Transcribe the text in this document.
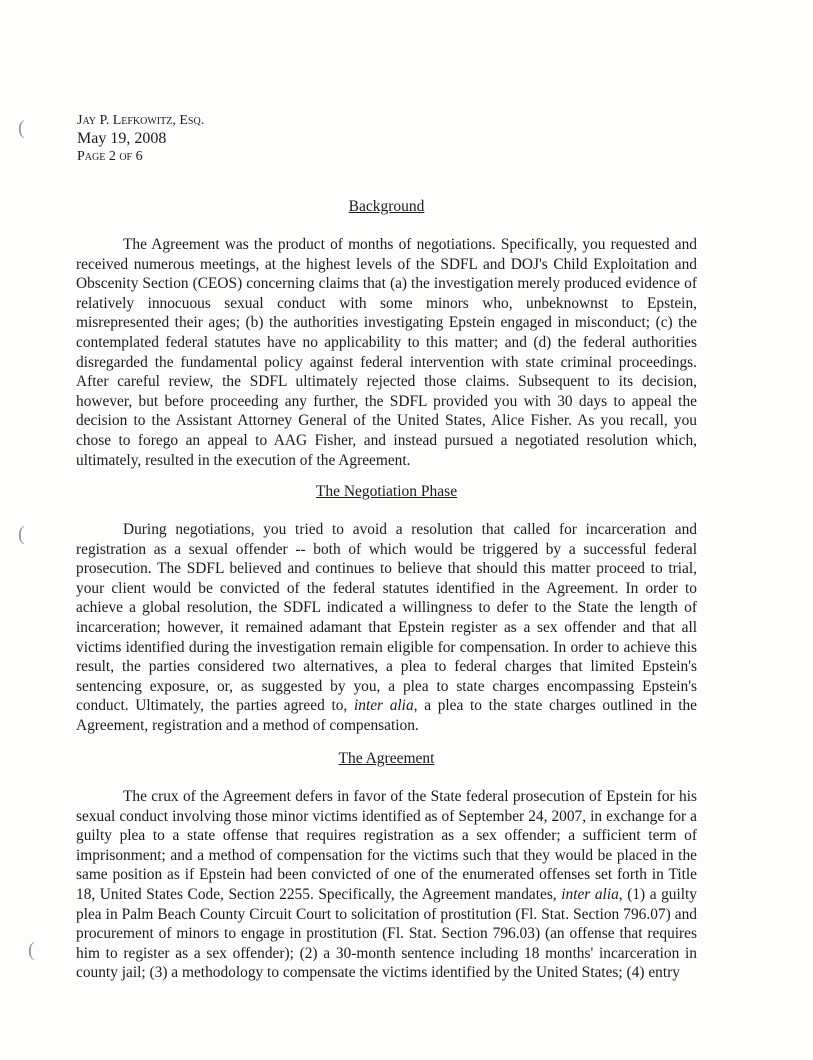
(
(
(
Jay P. Lefkowitz, Esq.
May 19, 2008
Page 2 of 6
Background
The Agreement was the product of months of negotiations. Specifically, you requested and received numerous meetings, at the highest levels of the SDFL and DOJ's Child Exploitation and Obscenity Section (CEOS) concerning claims that (a) the investigation merely produced evidence of relatively innocuous sexual conduct with some minors who, unbeknownst to Epstein, misrepresented their ages; (b) the authorities investigating Epstein engaged in misconduct; (c) the contemplated federal statutes have no applicability to this matter; and (d) the federal authorities disregarded the fundamental policy against federal intervention with state criminal proceedings. After careful review, the SDFL ultimately rejected those claims. Subsequent to its decision, however, but before proceeding any further, the SDFL provided you with 30 days to appeal the decision to the Assistant Attorney General of the United States, Alice Fisher. As you recall, you chose to forego an appeal to AAG Fisher, and instead pursued a negotiated resolution which, ultimately, resulted in the execution of the Agreement.
The Negotiation Phase
During negotiations, you tried to avoid a resolution that called for incarceration and registration as a sexual offender -- both of which would be triggered by a successful federal prosecution. The SDFL believed and continues to believe that should this matter proceed to trial, your client would be convicted of the federal statutes identified in the Agreement. In order to achieve a global resolution, the SDFL indicated a willingness to defer to the State the length of incarceration; however, it remained adamant that Epstein register as a sex offender and that all victims identified during the investigation remain eligible for compensation. In order to achieve this result, the parties considered two alternatives, a plea to federal charges that limited Epstein's sentencing exposure, or, as suggested by you, a plea to state charges encompassing Epstein's conduct. Ultimately, the parties agreed to, inter alia, a plea to the state charges outlined in the Agreement, registration and a method of compensation.
The Agreement
The crux of the Agreement defers in favor of the State federal prosecution of Epstein for his sexual conduct involving those minor victims identified as of September 24, 2007, in exchange for a guilty plea to a state offense that requires registration as a sex offender; a sufficient term of imprisonment; and a method of compensation for the victims such that they would be placed in the same position as if Epstein had been convicted of one of the enumerated offenses set forth in Title 18, United States Code, Section 2255. Specifically, the Agreement mandates, inter alia, (1) a guilty plea in Palm Beach County Circuit Court to solicitation of prostitution (Fl. Stat. Section 796.07) and procurement of minors to engage in prostitution (Fl. Stat. Section 796.03) (an offense that requires him to register as a sex offender); (2) a 30-month sentence including 18 months' incarceration in county jail; (3) a methodology to compensate the victims identified by the United States; (4) entry
